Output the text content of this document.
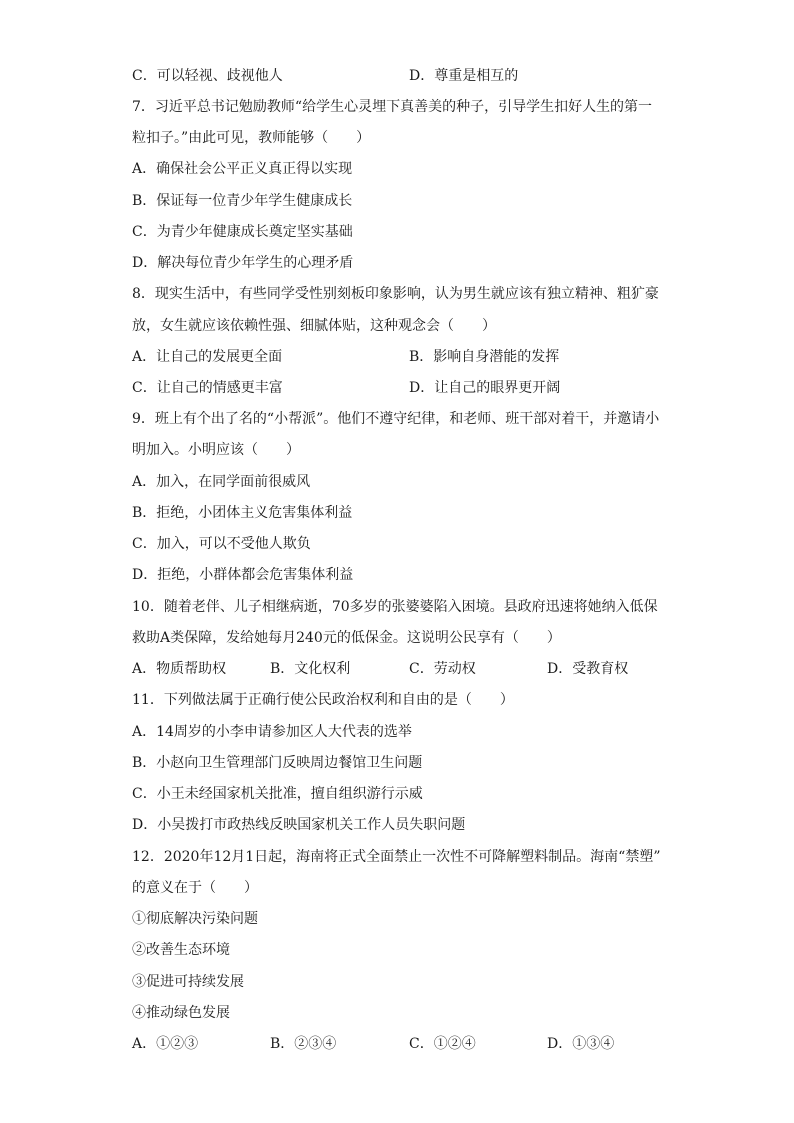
C．可以轻视、歧视他人	D．尊重是相互的
7．习近平总书记勉励教师“给学生心灵埋下真善美的种子，引导学生扣好人生的第一
粒扣子。”由此可见，教师能够（　　）
A．确保社会公平正义真正得以实现
B．保证每一位青少年学生健康成长
C．为青少年健康成长奠定坚实基础
D．解决每位青少年学生的心理矛盾
8．现实生活中，有些同学受性别刻板印象影响，认为男生就应该有独立精神、粗犷豪
放，女生就应该依赖性强、细腻体贴，这种观念会（　　）
A．让自己的发展更全面	B．影响自身潜能的发挥
C．让自己的情感更丰富	D．让自己的眼界更开阔
9．班上有个出了名的“小帮派”。他们不遵守纪律，和老师、班干部对着干，并邀请小
明加入。小明应该（　　）
A．加入，在同学面前很威风
B．拒绝，小团体主义危害集体利益
C．加入，可以不受他人欺负
D．拒绝，小群体都会危害集体利益
10．随着老伴、儿子相继病逝，70多岁的张婆婆陷入困境。县政府迅速将她纳入低保
救助A类保障，发给她每月240元的低保金。这说明公民享有（　　）
A．物质帮助权	B．文化权利	C．劳动权	D．受教育权
11．下列做法属于正确行使公民政治权利和自由的是（　　）
A．14周岁的小李申请参加区人大代表的选举
B．小赵向卫生管理部门反映周边餐馆卫生问题
C．小王未经国家机关批准，擅自组织游行示威
D．小吴拨打市政热线反映国家机关工作人员失职问题
12．2020年12月1日起，海南将正式全面禁止一次性不可降解塑料制品。海南“禁塑”
的意义在于（　　）
①彻底解决污染问题
②改善生态环境
③促进可持续发展
④推动绿色发展
A．①②③	B．②③④	C．①②④	D．①③④
